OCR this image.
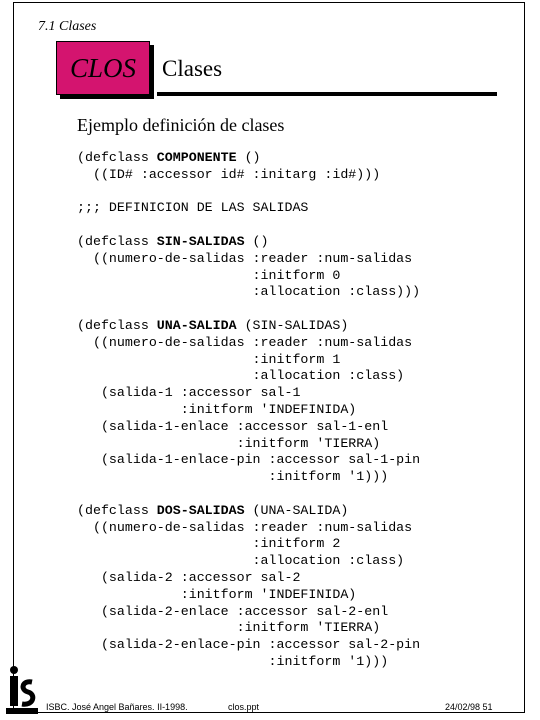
7.1 Clases
CLOS	Clases
Ejemplo definición de clases
(defclass COMPONENTE ()
((ID# :accessor id# :initarg :id#)))

;;; DEFINICION DE LAS SALIDAS

(defclass SIN-SALIDAS ()
((numero-de-salidas :reader :num-salidas
:initform 0
:allocation :class)))

(defclass UNA-SALIDA (SIN-SALIDAS)
((numero-de-salidas :reader :num-salidas
:initform 1
:allocation :class)
(salida-1 :accessor sal-1
:initform 'INDEFINIDA)
(salida-1-enlace :accessor sal-1-enl
:initform 'TIERRA)
(salida-1-enlace-pin :accessor sal-1-pin
:initform '1)))

(defclass DOS-SALIDAS (UNA-SALIDA)
((numero-de-salidas :reader :num-salidas
:initform 2
:allocation :class)
(salida-2 :accessor sal-2
:initform 'INDEFINIDA)
(salida-2-enlace :accessor sal-2-enl
:initform 'TIERRA)
(salida-2-enlace-pin :accessor sal-2-pin
:initform '1)))
ISBC. José Angel Bañares. II-1998.	clos.ppt	24/02/98 51
